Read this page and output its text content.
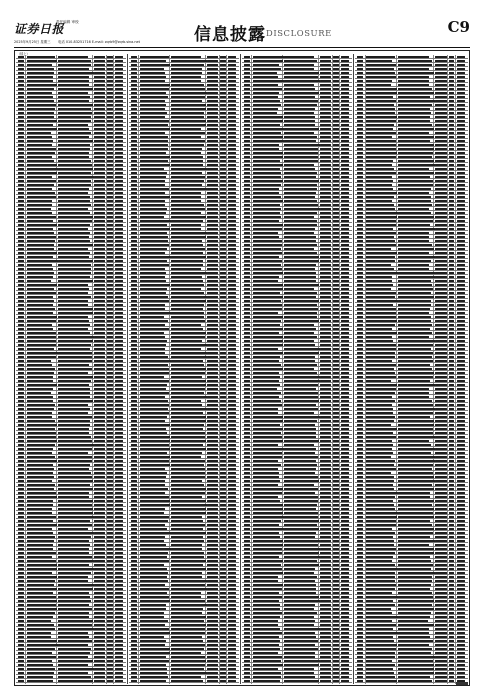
证券日报
责任编辑 审校
2025年9月25日 星期三 电话 010-83251716 E-mail: zqrb9@zqrb.sina.net	信息披露 DISCLOSURE	C9
（续上）
